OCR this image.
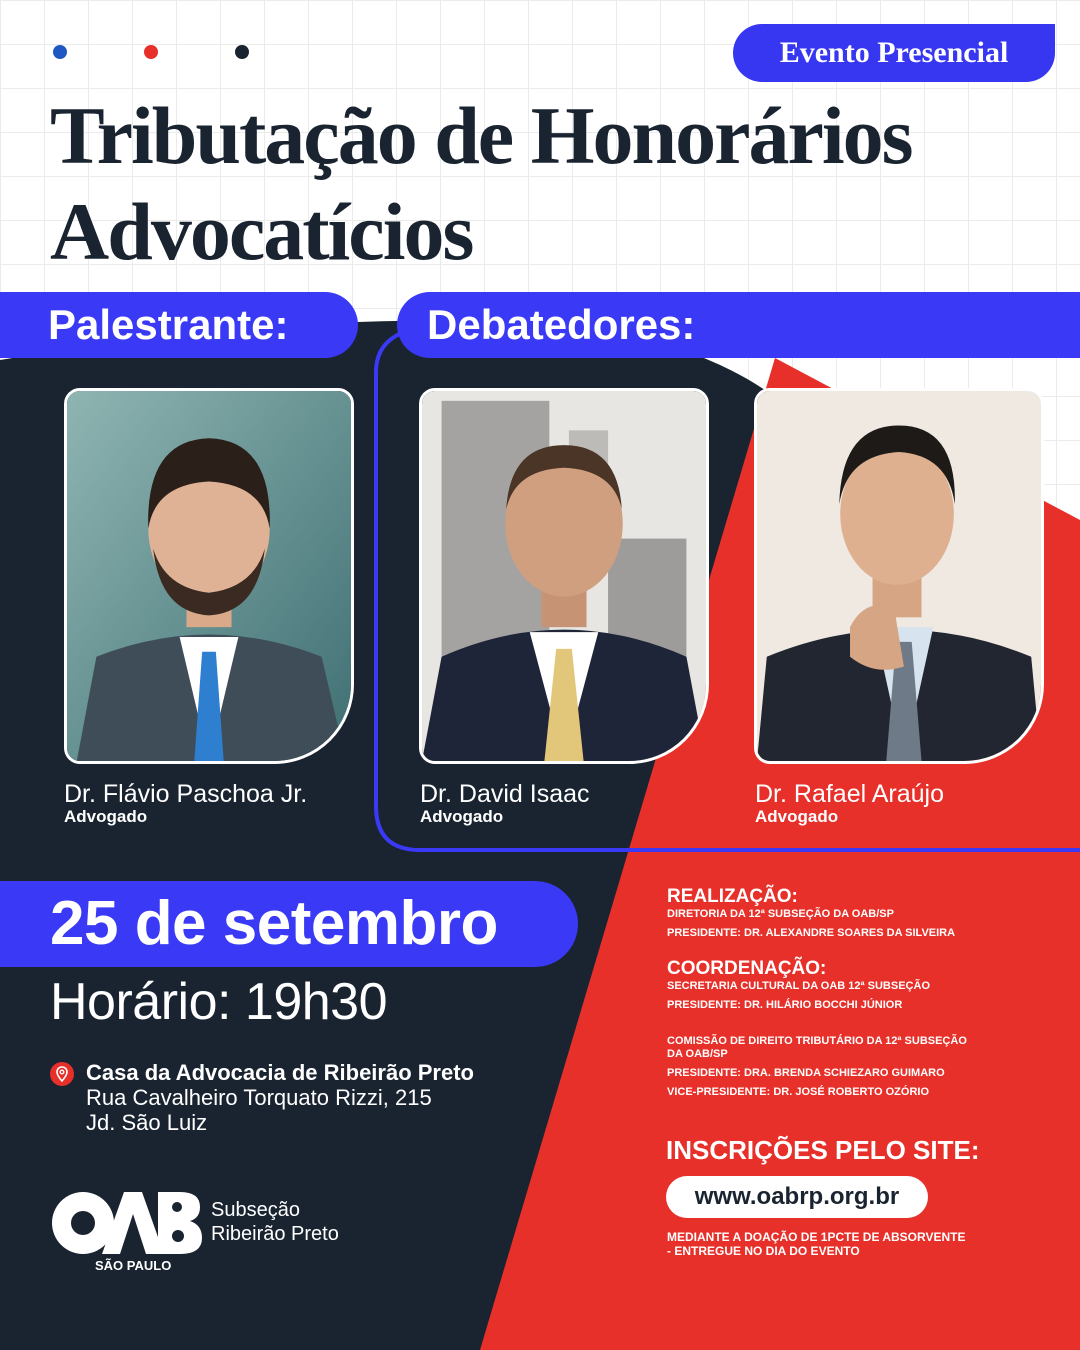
Evento Presencial
Tributação de Honorários
Advocatícios
Palestrante:	Debatedores:
Dr. Flávio Paschoa Jr.
Advogado
Dr. David Isaac
Advogado
Dr. Rafael Araújo
Advogado
25 de setembro
Horário: 19h30
Casa da Advocacia de Ribeirão Preto
Rua Cavalheiro Torquato Rizzi, 215
Jd. São Luiz
SÃO PAULO
Subseção
Ribeirão Preto
REALIZAÇÃO:
DIRETORIA DA 12ª SUBSEÇÃO DA OAB/SP
PRESIDENTE: DR. ALEXANDRE SOARES DA SILVEIRA
COORDENAÇÃO:
SECRETARIA CULTURAL DA OAB 12ª SUBSEÇÃO
PRESIDENTE: DR. HILÁRIO BOCCHI JÚNIOR
COMISSÃO DE DIREITO TRIBUTÁRIO DA 12ª SUBSEÇÃO DA OAB/SP
PRESIDENTE: DRA. BRENDA SCHIEZARO GUIMARO
VICE-PRESIDENTE: DR. JOSÉ ROBERTO OZÓRIO
INSCRIÇÕES PELO SITE:
www.oabrp.org.br
MEDIANTE A DOAÇÃO DE 1PCTE DE ABSORVENTE
- ENTREGUE NO DIA DO EVENTO
